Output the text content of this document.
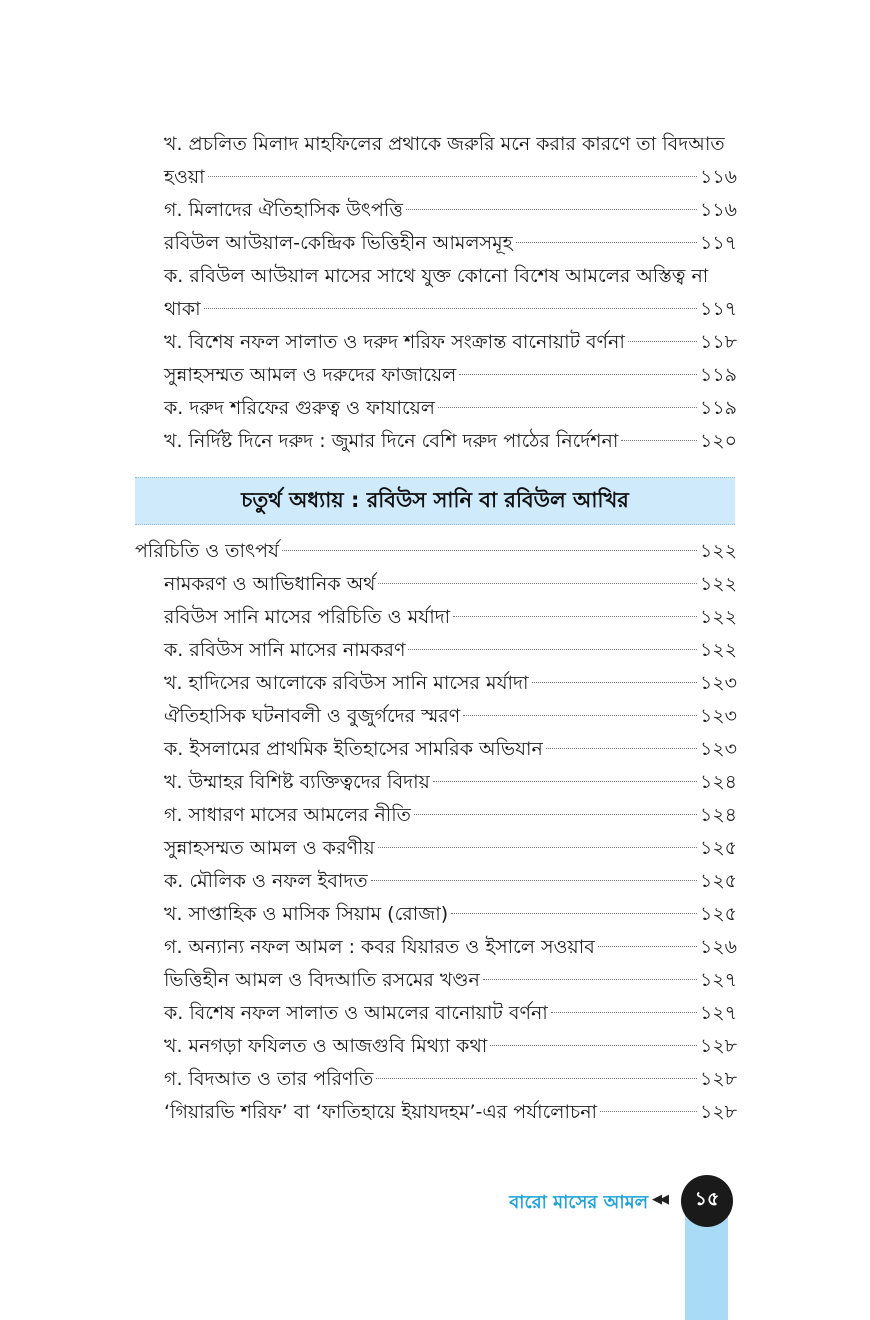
খ. প্রচলিত মিলাদ মাহফিলের প্রথাকে জরুরি মনে করার কারণে তা বিদআত
হওয়া	১১৬
গ. মিলাদের ঐতিহাসিক উৎপত্তি	১১৬
রবিউল আউয়াল-কেন্দ্রিক ভিত্তিহীন আমলসমূহ	১১৭
ক. রবিউল আউয়াল মাসের সাথে যুক্ত কোনো বিশেষ আমলের অস্তিত্ব না
থাকা	১১৭
খ. বিশেষ নফল সালাত ও দরুদ শরিফ সংক্রান্ত বানোয়াট বর্ণনা	১১৮
সুন্নাহসম্মত আমল ও দরুদের ফাজায়েল	১১৯
ক. দরুদ শরিফের গুরুত্ব ও ফাযায়েল	১১৯
খ. নির্দিষ্ট দিনে দরুদ : জুমার দিনে বেশি দরুদ পাঠের নির্দেশনা	১২০
চতুর্থ অধ্যায় : রবিউস সানি বা রবিউল আখির
পরিচিতি ও তাৎপর্য	১২২
নামকরণ ও আভিধানিক অর্থ	১২২
রবিউস সানি মাসের পরিচিতি ও মর্যাদা	১২২
ক. রবিউস সানি মাসের নামকরণ	১২২
খ. হাদিসের আলোকে রবিউস সানি মাসের মর্যাদা	১২৩
ঐতিহাসিক ঘটনাবলী ও বুজুর্গদের স্মরণ	১২৩
ক. ইসলামের প্রাথমিক ইতিহাসের সামরিক অভিযান	১২৩
খ. উম্মাহর বিশিষ্ট ব্যক্তিত্বদের বিদায়	১২৪
গ. সাধারণ মাসের আমলের নীতি	১২৪
সুন্নাহসম্মত আমল ও করণীয়	১২৫
ক. মৌলিক ও নফল ইবাদত	১২৫
খ. সাপ্তাহিক ও মাসিক সিয়াম (রোজা)	১২৫
গ. অন্যান্য নফল আমল : কবর যিয়ারত ও ইসালে সওয়াব	১২৬
ভিত্তিহীন আমল ও বিদআতি রসমের খণ্ডন	১২৭
ক. বিশেষ নফল সালাত ও আমলের বানোয়াট বর্ণনা	১২৭
খ. মনগড়া ফযিলত ও আজগুবি মিথ্যা কথা	১২৮
গ. বিদআত ও তার পরিণতি	১২৮
‘গিয়ারভি শরিফ’ বা ‘ফাতিহায়ে ইয়াযদহম’-এর পর্যালোচনা	১২৮
বারো মাসের আমল ◀◀ ১৫
